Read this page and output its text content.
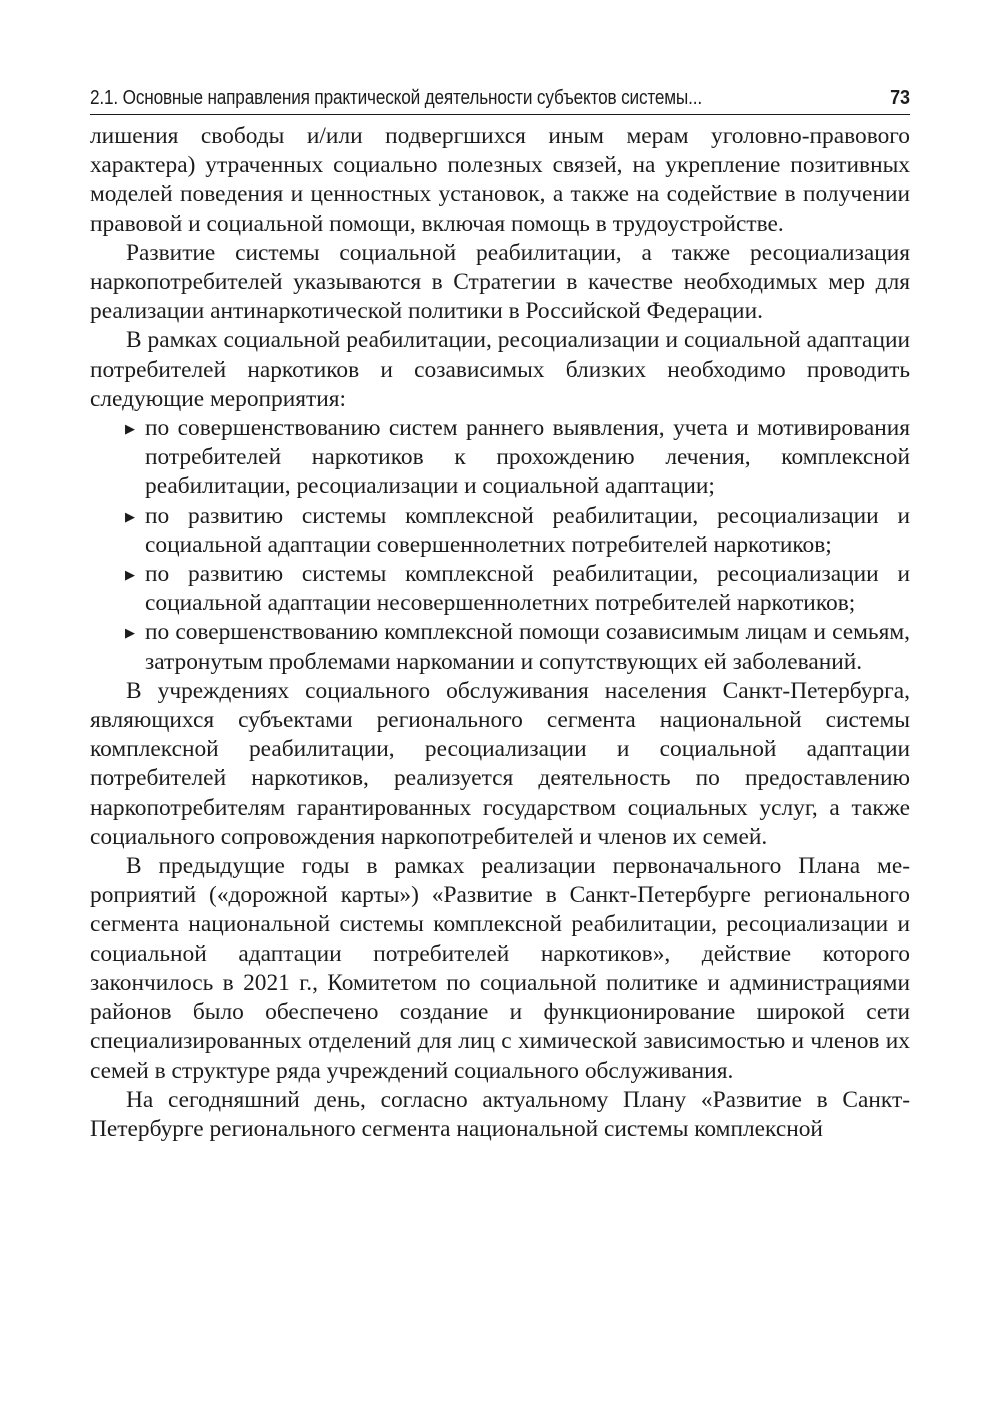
2.1. Основные направления практической деятельности субъектов системы...	73

лишения свободы и/или подвергшихся иным мерам уголовно-правового характера) утраченных социально полезных связей, на укрепление позитивных моделей поведения и ценностных установок, а также на содействие в получении правовой и социальной помощи, включая помощь в трудоустройстве.

Развитие системы социальной реабилитации, а также ресоциализация наркопотребителей указываются в Стратегии в качестве необходимых мер для реализации антинаркотической политики в Российской Федерации.

В рамках социальной реабилитации, ресоциализации и социальной адаптации потребителей наркотиков и созависимых близких необходимо проводить следующие мероприятия:

▶ по совершенствованию систем раннего выявления, учета и мотивирования потребителей наркотиков к прохождению лечения, комплексной реабилитации, ресоциализации и социальной адаптации;
▶ по развитию системы комплексной реабилитации, ресоциализации и социальной адаптации совершеннолетних потребителей наркотиков;
▶ по развитию системы комплексной реабилитации, ресоциализации и социальной адаптации несовершеннолетних потребителей наркотиков;
▶ по совершенствованию комплексной помощи созависимым лицам и семьям, затронутым проблемами наркомании и сопутствующих ей заболеваний.

В учреждениях социального обслуживания населения Санкт-Петербурга, являющихся субъектами регионального сегмента национальной системы комплексной реабилитации, ресоциализации и социальной адаптации потребителей наркотиков, реализуется деятельность по предоставлению наркопотребителям гарантированных государством социальных услуг, а также социального сопровождения наркопотребителей и членов их семей.

В предыдущие годы в рамках реализации первоначального Плана мероприятий («дорожной карты») «Развитие в Санкт-Петербурге регионального сегмента национальной системы комплексной реабилитации, ресоциализации и социальной адаптации потребителей наркотиков», действие которого закончилось в 2021 г., Комитетом по социальной политике и администрациями районов было обеспечено создание и функционирование широкой сети специализированных отделений для лиц с химической зависимостью и членов их семей в структуре ряда учреждений социального обслуживания.

На сегодняшний день, согласно актуальному Плану «Развитие в Санкт-Петербурге регионального сегмента национальной системы комплексной
